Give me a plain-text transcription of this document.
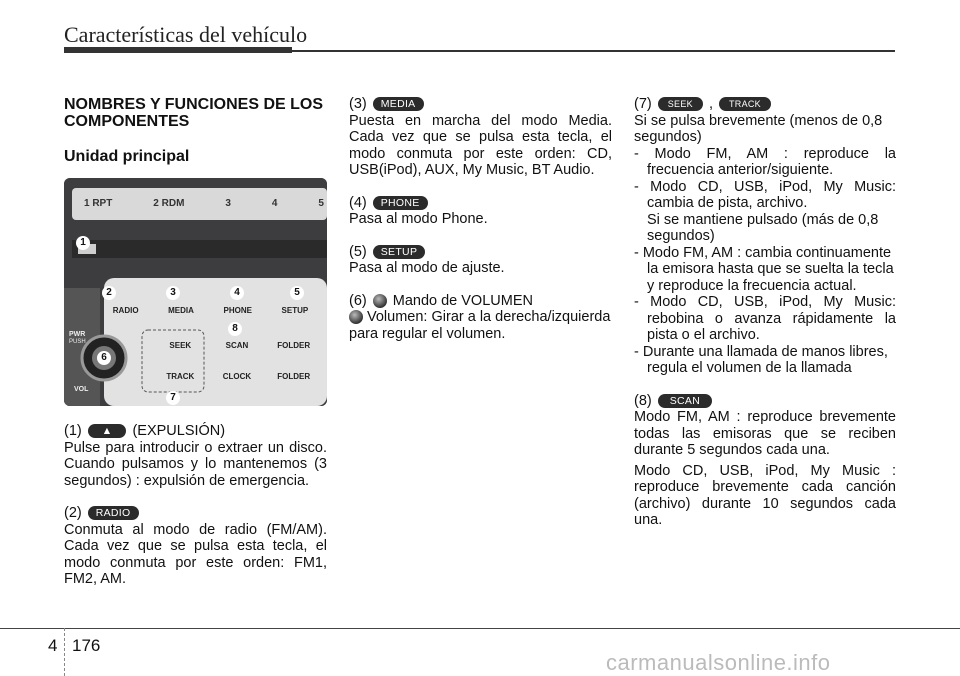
Características del vehículo

NOMBRES Y FUNCIONES DE LOS COMPONENTES

Unidad principal

1 RPT	2 RDM	3	4	5
RADIO	MEDIA	PHONE	SETUP
SEEK	SCAN	FOLDER
TRACK	CLOCK	FOLDER
PWR
PUSH
VOL
1
2	3	4	5
6
7
8
(1)	▲	(EXPULSIÓN)

Pulse para introducir o extraer un disco. Cuando pulsamos y lo mantenemos (3 segundos) : expulsión de emergencia.

(2)	RADIO

Conmuta al modo de radio (FM/AM). Cada vez que se pulsa esta tecla, el modo conmuta por este orden: FM1, FM2, AM.

(3)	MEDIA

Puesta en marcha del modo Media. Cada vez que se pulsa esta tecla, el modo conmuta por este orden: CD, USB(iPod), AUX, My Music, BT Audio.

(4)	PHONE

Pasa al modo Phone.

(5)	SETUP

Pasa al modo de ajuste.

(6) Mando de VOLUMEN

Volumen: Girar a la derecha/izquierda para regular el volumen.

(7)	SEEK	,	TRACK

Si se pulsa brevemente (menos de 0,8 segundos)

- Modo FM, AM : reproduce la frecuencia anterior/siguiente.

- Modo CD, USB, iPod, My Music: cambia de pista, archivo.

Si se mantiene pulsado (más de 0,8 segundos)

- Modo FM, AM : cambia continuamente la emisora hasta que se suelta la tecla y reproduce la frecuencia actual.

- Modo CD, USB, iPod, My Music: rebobina o avanza rápidamente la pista o el archivo.

- Durante una llamada de manos libres, regula el volumen de la llamada

(8)	SCAN

Modo FM, AM : reproduce brevemente todas las emisoras que se reciben durante 5 segundos cada una.

Modo CD, USB, iPod, My Music : reproduce brevemente cada canción (archivo) durante 10 segundos cada una.

4 176
carmanualsonline.info
